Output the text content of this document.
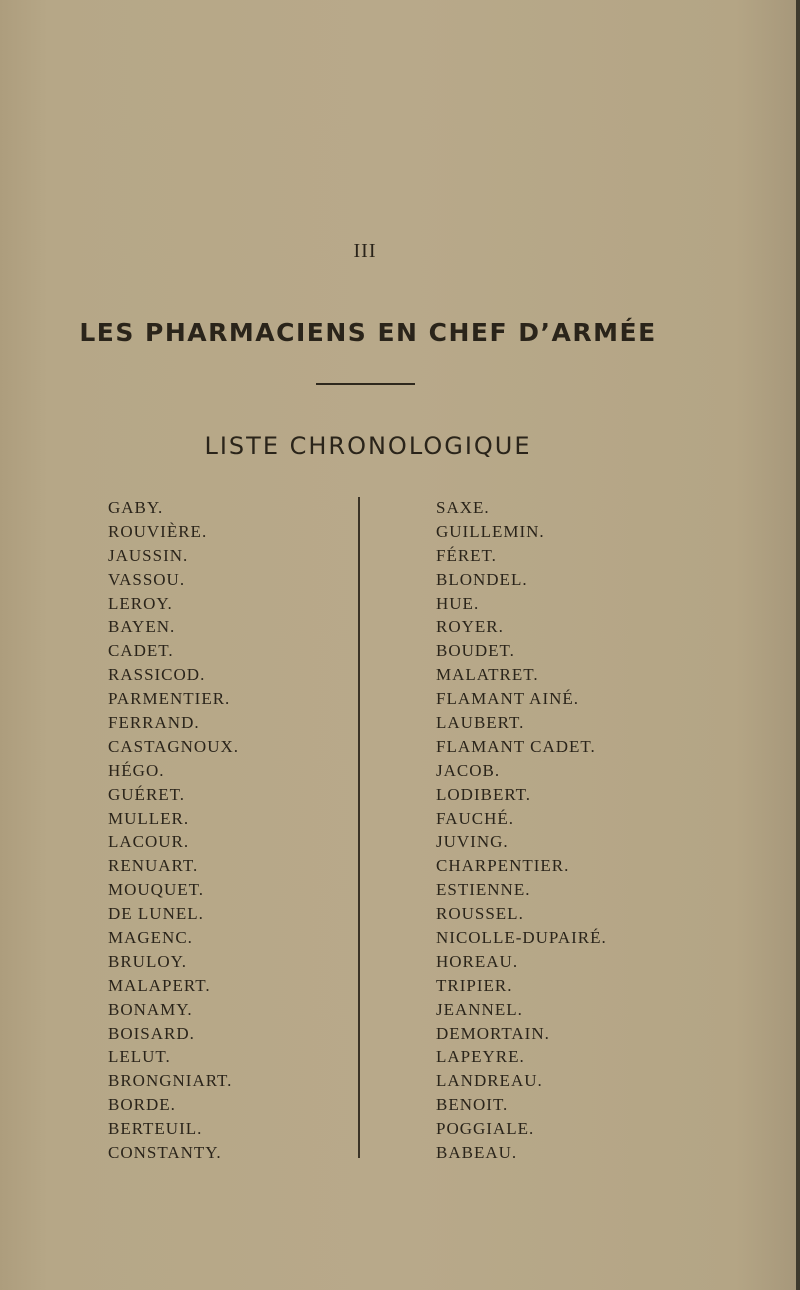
III
LES PHARMACIENS EN CHEF D’ARMÉE
LISTE CHRONOLOGIQUE
GABY.
ROUVIÈRE.
JAUSSIN.
VASSOU.
LEROY.
BAYEN.
CADET.
RASSICOD.
PARMENTIER.
FERRAND.
CASTAGNOUX.
HÉGO.
GUÉRET.
MULLER.
LACOUR.
RENUART.
MOUQUET.
DE LUNEL.
MAGENC.
BRULOY.
MALAPERT.
BONAMY.
BOISARD.
LELUT.
BRONGNIART.
BORDE.
BERTEUIL.
CONSTANTY.
SAXE.
GUILLEMIN.
FÉRET.
BLONDEL.
HUE.
ROYER.
BOUDET.
MALATRET.
FLAMANT AINÉ.
LAUBERT.
FLAMANT CADET.
JACOB.
LODIBERT.
FAUCHÉ.
JUVING.
CHARPENTIER.
ESTIENNE.
ROUSSEL.
NICOLLE-DUPAIRÉ.
HOREAU.
TRIPIER.
JEANNEL.
DEMORTAIN.
LAPEYRE.
LANDREAU.
BENOIT.
POGGIALE.
BABEAU.
